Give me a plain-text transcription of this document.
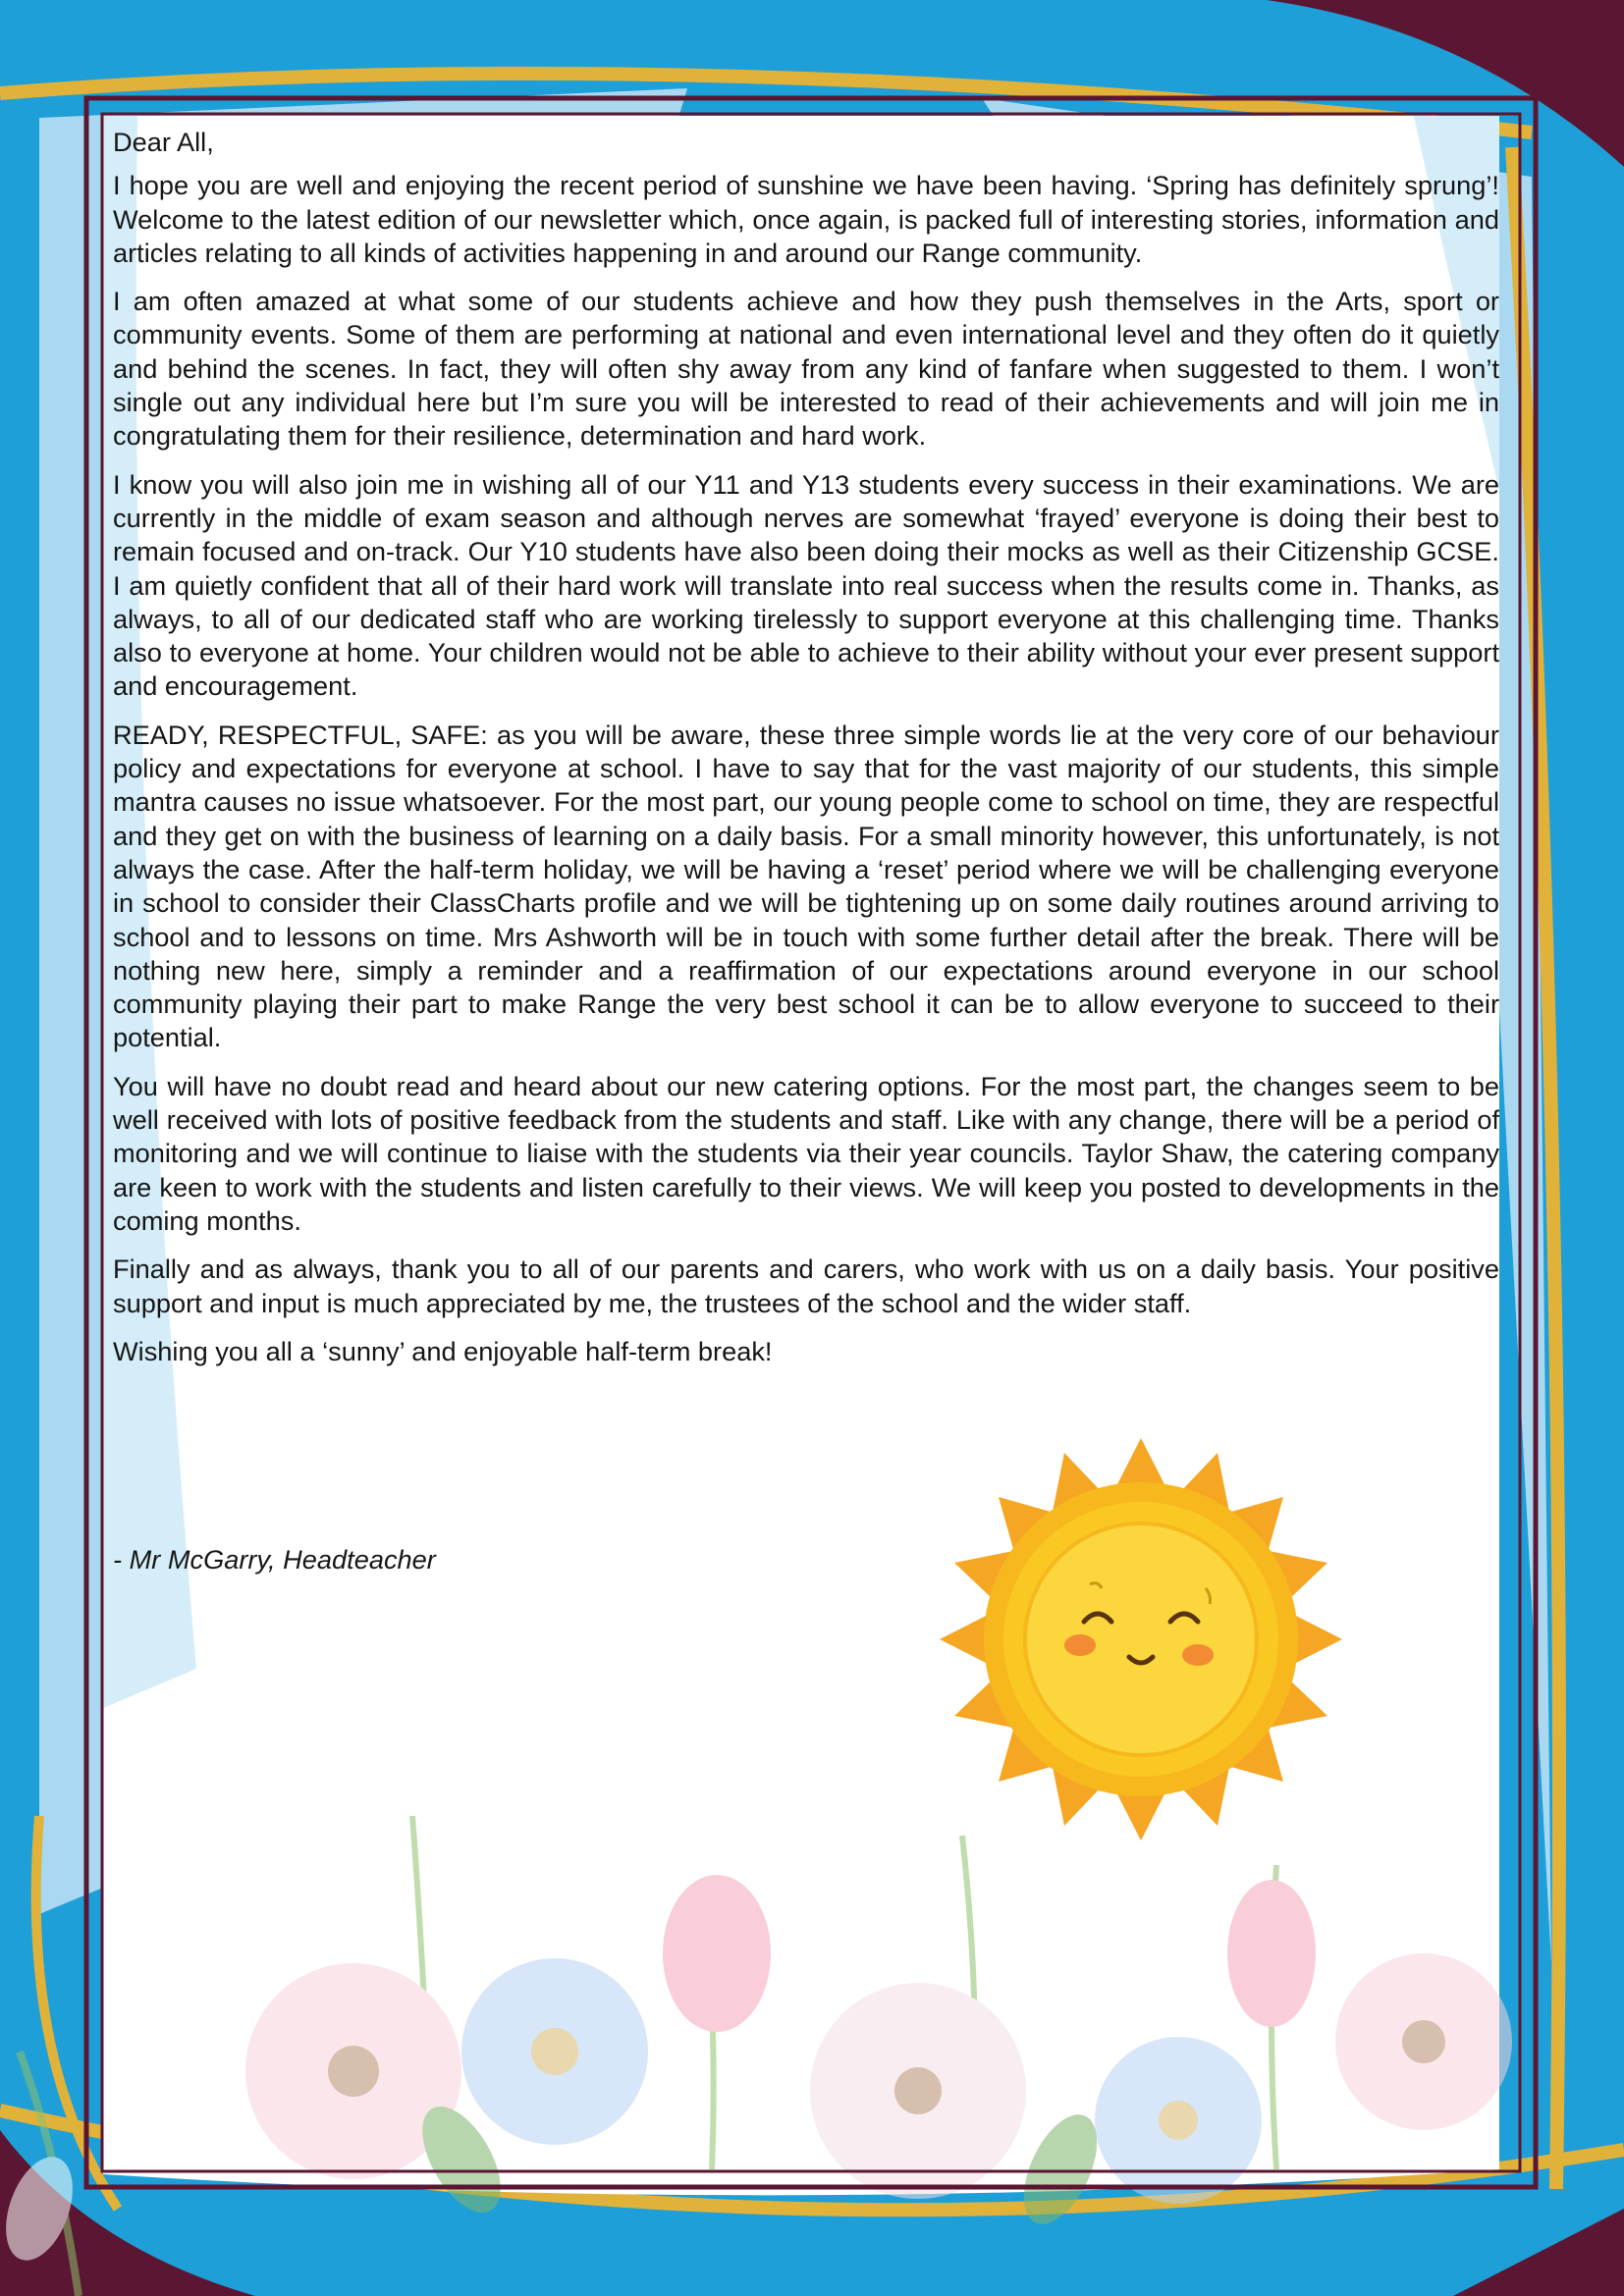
Dear All,

I hope you are well and enjoying the recent period of sunshine we have been having. ‘Spring has definitely sprung’! Welcome to the latest edition of our newsletter which, once again, is packed full of interesting stories, information and articles relating to all kinds of activities happening in and around our Range community.

I am often amazed at what some of our students achieve and how they push themselves in the Arts, sport or community events. Some of them are performing at national and even international level and they often do it quietly and behind the scenes. In fact, they will often shy away from any kind of fanfare when suggested to them. I won’t single out any individual here but I’m sure you will be interested to read of their achievements and will join me in congratulating them for their resilience, determination and hard work.

I know you will also join me in wishing all of our Y11 and Y13 students every success in their examinations. We are currently in the middle of exam season and although nerves are somewhat ‘frayed’ everyone is doing their best to remain focused and on-track. Our Y10 students have also been doing their mocks as well as their Citizenship GCSE. I am quietly confident that all of their hard work will translate into real success when the results come in. Thanks, as always, to all of our dedicated staff who are working tirelessly to support everyone at this challenging time. Thanks also to everyone at home. Your children would not be able to achieve to their ability without your ever present support and encouragement.

READY, RESPECTFUL, SAFE: as you will be aware, these three simple words lie at the very core of our behaviour policy and expectations for everyone at school. I have to say that for the vast majority of our students, this simple mantra causes no issue whatsoever. For the most part, our young people come to school on time, they are respectful and they get on with the business of learning on a daily basis. For a small minority however, this unfortunately, is not always the case. After the half-term holiday, we will be having a ‘reset’ period where we will be challenging everyone in school to consider their ClassCharts profile and we will be tightening up on some daily routines around arriving to school and to lessons on time. Mrs Ashworth will be in touch with some further detail after the break. There will be nothing new here, simply a reminder and a reaffirmation of our expectations around everyone in our school community playing their part to make Range the very best school it can be to allow everyone to succeed to their potential.

You will have no doubt read and heard about our new catering options. For the most part, the changes seem to be well received with lots of positive feedback from the students and staff. Like with any change, there will be a period of monitoring and we will continue to liaise with the students via their year councils. Taylor Shaw, the catering company are keen to work with the students and listen carefully to their views. We will keep you posted to developments in the coming months.

Finally and as always, thank you to all of our parents and carers, who work with us on a daily basis. Your positive support and input is much appreciated by me, the trustees of the school and the wider staff.

Wishing you all a ‘sunny’ and enjoyable half-term break!

- Mr McGarry, Headteacher
